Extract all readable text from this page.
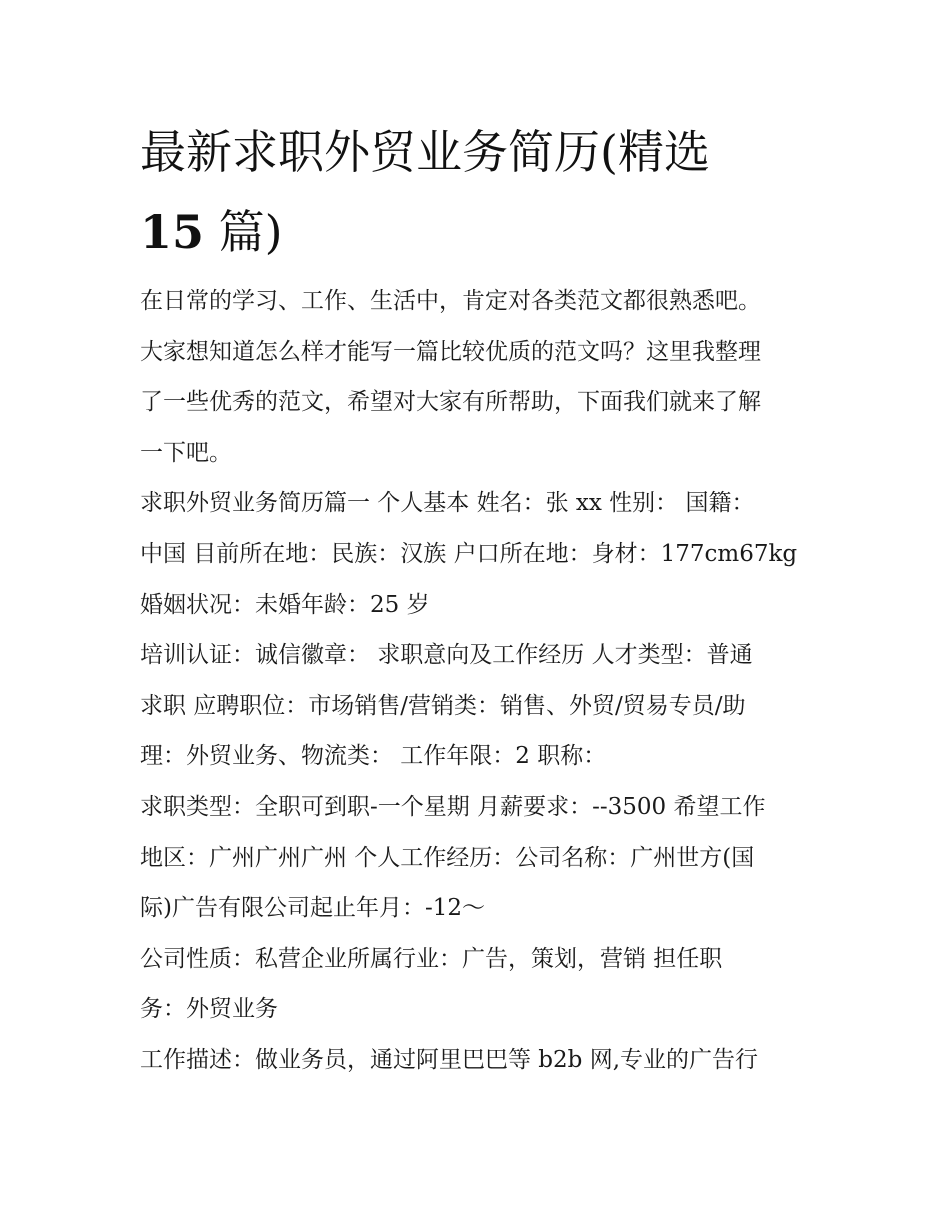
最新求职外贸业务简历(精选
15 篇)
在日常的学习、工作、生活中，肯定对各类范文都很熟悉吧。
大家想知道怎么样才能写一篇比较优质的范文吗？这里我整理
了一些优秀的范文，希望对大家有所帮助，下面我们就来了解
一下吧。
求职外贸业务简历篇一 个人基本 姓名：张 xx 性别： 国籍：
中国 目前所在地：民族：汉族 户口所在地：身材：177cm67kg
婚姻状况：未婚年龄：25 岁
培训认证：诚信徽章： 求职意向及工作经历 人才类型：普通
求职 应聘职位：市场销售/营销类：销售、外贸/贸易专员/助
理：外贸业务、物流类： 工作年限：2 职称：
求职类型：全职可到职-一个星期 月薪要求：--3500 希望工作
地区：广州广州广州 个人工作经历：公司名称：广州世方(国
际)广告有限公司起止年月：-12～
公司性质：私营企业所属行业：广告，策划，营销 担任职
务：外贸业务
工作描述：做业务员，通过阿里巴巴等 b2b 网,专业的广告行
